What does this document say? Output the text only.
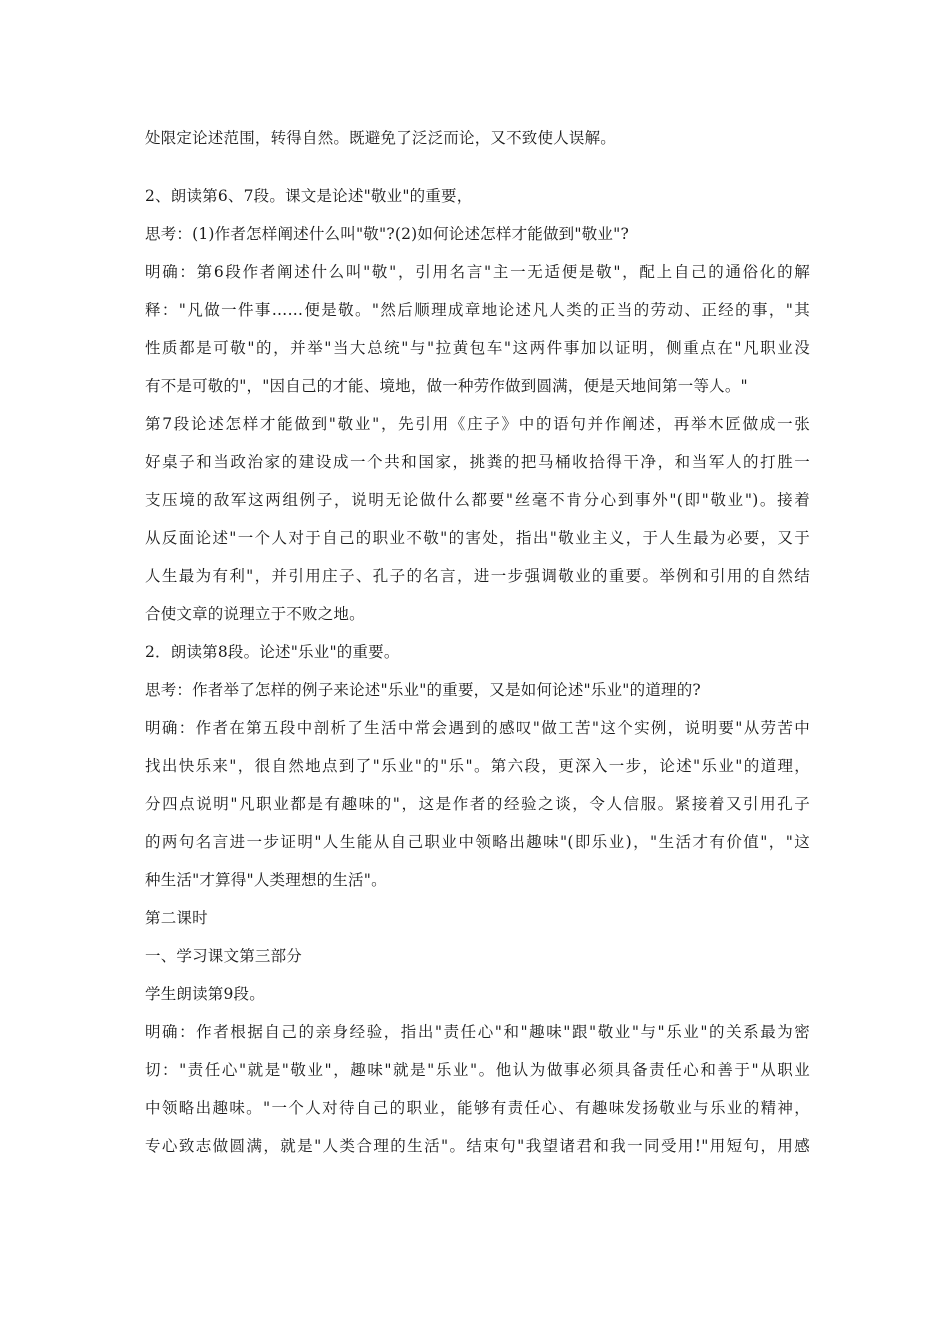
处限定论述范围，转得自然。既避免了泛泛而论，又不致使人误解。
2、朗读第6、7段。课文是论述"敬业"的重要，
思考：(1)作者怎样阐述什么叫"敬"?(2)如何论述怎样才能做到"敬业"?
明确：第6段作者阐述什么叫"敬"，引用名言"主一无适便是敬"，配上自己的通俗化的解
释："凡做一件事……便是敬。"然后顺理成章地论述凡人类的正当的劳动、正经的事，"其
性质都是可敬"的，并举"当大总统"与"拉黄包车"这两件事加以证明，侧重点在"凡职业没
有不是可敬的"，"因自己的才能、境地，做一种劳作做到圆满，便是天地间第一等人。"
第7段论述怎样才能做到"敬业"，先引用《庄子》中的语句并作阐述，再举木匠做成一张
好桌子和当政治家的建设成一个共和国家，挑粪的把马桶收拾得干净，和当军人的打胜一
支压境的敌军这两组例子，说明无论做什么都要"丝毫不肯分心到事外"(即"敬业")。接着
从反面论述"一个人对于自己的职业不敬"的害处，指出"敬业主义，于人生最为必要，又于
人生最为有利"，并引用庄子、孔子的名言，进一步强调敬业的重要。举例和引用的自然结
合使文章的说理立于不败之地。
2．朗读第8段。论述"乐业"的重要。
思考：作者举了怎样的例子来论述"乐业"的重要，又是如何论述"乐业"的道理的?
明确：作者在第五段中剖析了生活中常会遇到的感叹"做工苦"这个实例，说明要"从劳苦中
找出快乐来"，很自然地点到了"乐业"的"乐"。第六段，更深入一步，论述"乐业"的道理，
分四点说明"凡职业都是有趣味的"，这是作者的经验之谈，令人信服。紧接着又引用孔子
的两句名言进一步证明"人生能从自己职业中领略出趣味"(即乐业)，"生活才有价值"，"这
种生活"才算得"人类理想的生活"。
第二课时
一、学习课文第三部分
学生朗读第9段。
明确：作者根据自己的亲身经验，指出"责任心"和"趣味"跟"敬业"与"乐业"的关系最为密
切："责任心"就是"敬业"，趣味"就是"乐业"。他认为做事必须具备责任心和善于"从职业
中领略出趣味。"一个人对待自己的职业，能够有责任心、有趣味发扬敬业与乐业的精神，
专心致志做圆满，就是"人类合理的生活"。结束句"我望诸君和我一同受用!"用短句，用感
